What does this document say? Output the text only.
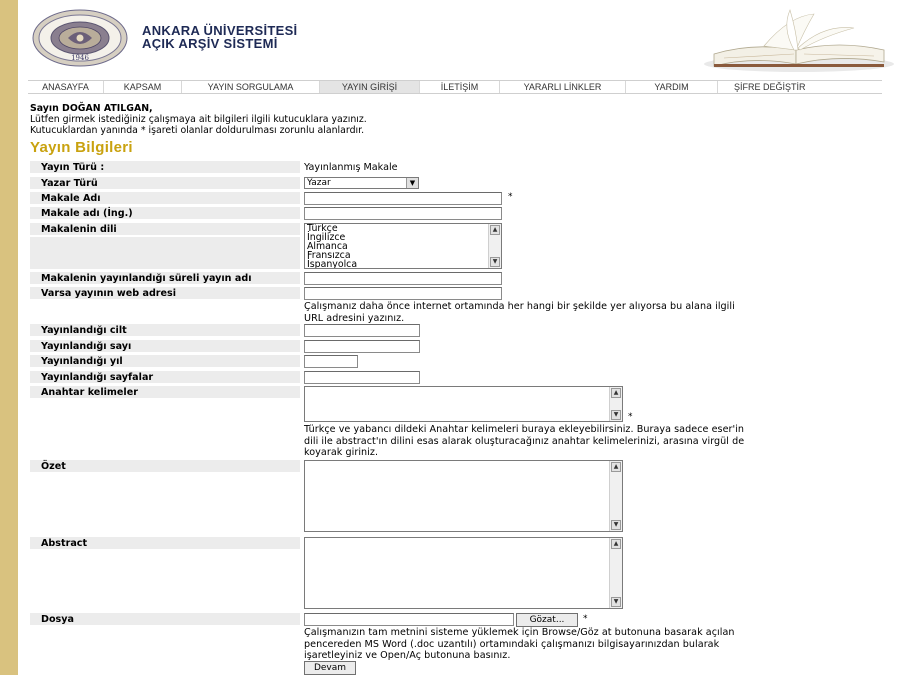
1946
ANKARA ÜNİVERSİTESİ
AÇIK ARŞİV SİSTEMİ
ANASAYFA	KAPSAM	YAYIN SORGULAMA	YAYIN GİRİŞİ	İLETİŞİM	YARARLI LİNKLER	YARDIM	ŞİFRE DEĞİŞTİR
Sayın DOĞAN ATILGAN,
Lütfen girmek istediğiniz çalışmaya ait bilgileri ilgili kutucuklara yazınız.
Kutucuklardan yanında * işareti olanlar doldurulması zorunlu alanlardır.
Yayın Bilgileri
Yayın Türü :	Yayınlanmış Makale
Yazar Türü	Yazar	▼
Makale Adı	*
Makale adı (İng.)
Makalenin dili	Türkçe
İngilizce
Almanca
Fransızca
İspanyolca
▲
▼
Makalenin yayınlandığı süreli yayın adı
Varsa yayının web adresi
Çalışmanız daha önce internet ortamında her hangi bir şekilde yer alıyorsa bu alana ilgili
URL adresini yazınız.
Yayınlandığı cilt
Yayınlandığı sayı
Yayınlandığı yıl
Yayınlandığı sayfalar
Anahtar kelimeler	▲
▼ *
Türkçe ve yabancı dildeki Anahtar kelimeleri buraya ekleyebilirsiniz. Buraya sadece eser'in
dili ile abstract'ın dilini esas alarak oluşturacağınız anahtar kelimelerinizi, arasına virgül de
koyarak giriniz.
Özet	▲
▼
Abstract	▲
▼
Dosya	Gözat...	*
Çalışmanızın tam metnini sisteme yüklemek için Browse/Göz at butonuna basarak açılan
pencereden MS Word (.doc uzantılı) ortamındaki çalışmanızı bilgisayarınızdan bularak
işaretleyiniz ve Open/Aç butonuna basınız.
Devam
